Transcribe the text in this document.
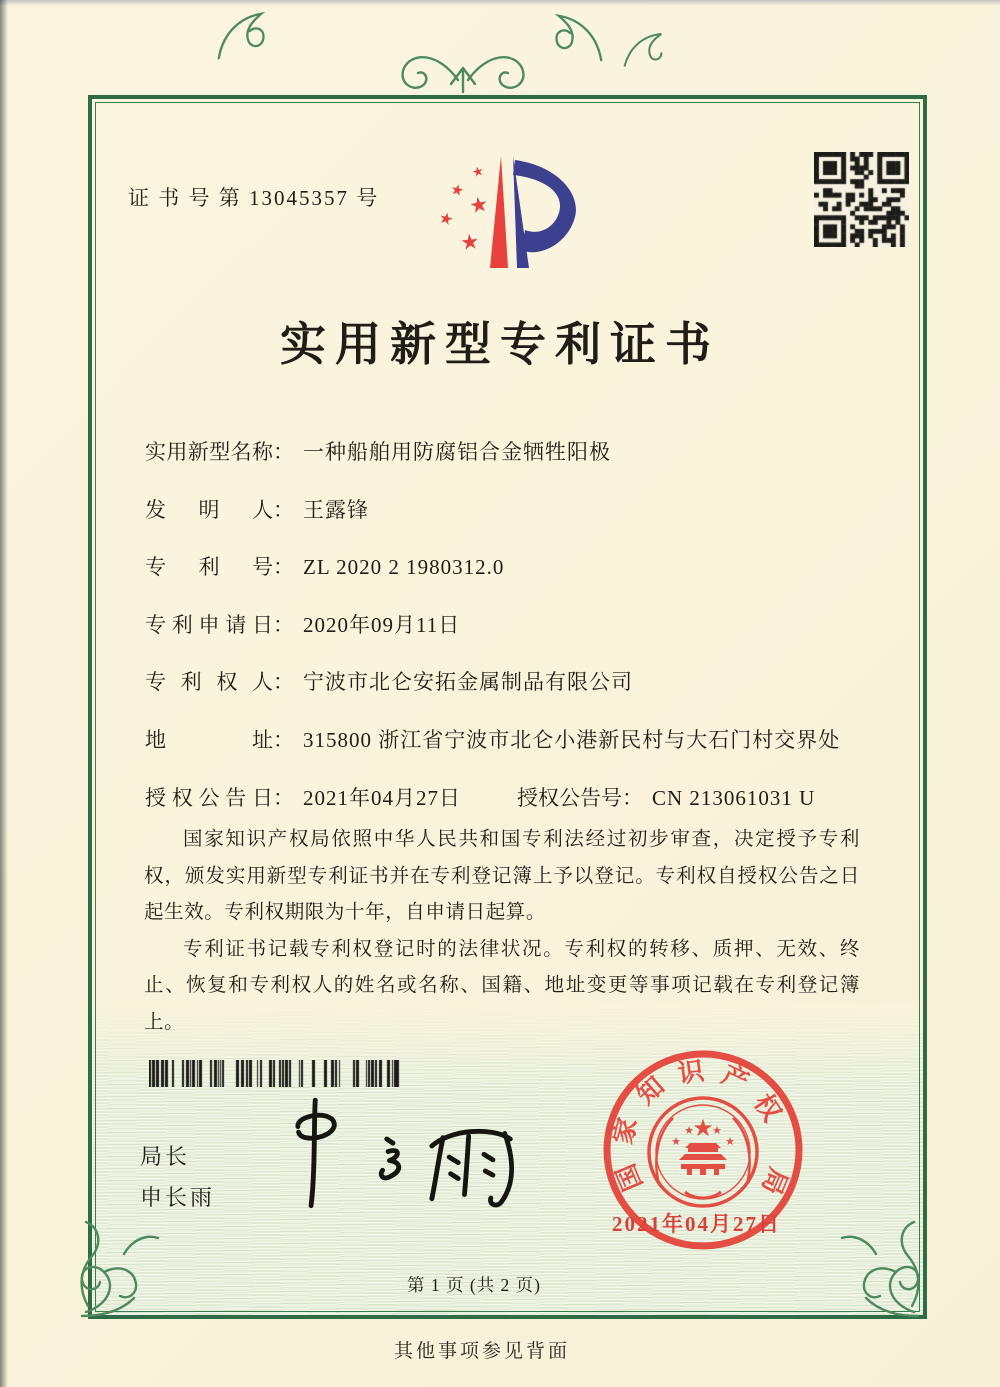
证 书 号 第 13045357 号
★
★
★
★
★
实用新型专利证书

实用新型名称： 一种船舶用防腐铝合金牺牲阳极

发明人： 王露锋

专利号： ZL 2020 2 1980312.0

专利申请日： 2020年09月11日

专利权人： 宁波市北仑安拓金属制品有限公司

地址： 315800 浙江省宁波市北仑小港新民村与大石门村交界处

授权公告日： 2021年04月27日	授权公告号： CN 213061031 U

国家知识产权局依照中华人民共和国专利法经过初步审查，决定授予专利权，颁发实用新型专利证书并在专利登记簿上予以登记。专利权自授权公告之日起生效。专利权期限为十年，自申请日起算。

专利证书记载专利权登记时的法律状况。专利权的转移、质押、无效、终止、恢复和专利权人的姓名或名称、国籍、地址变更等事项记载在专利登记簿上。

局长
申长雨
★
★
★ ★
★
国
家
知 识 产
权
局
2021年04月27日
第 1 页 (共 2 页)
其他事项参见背面
